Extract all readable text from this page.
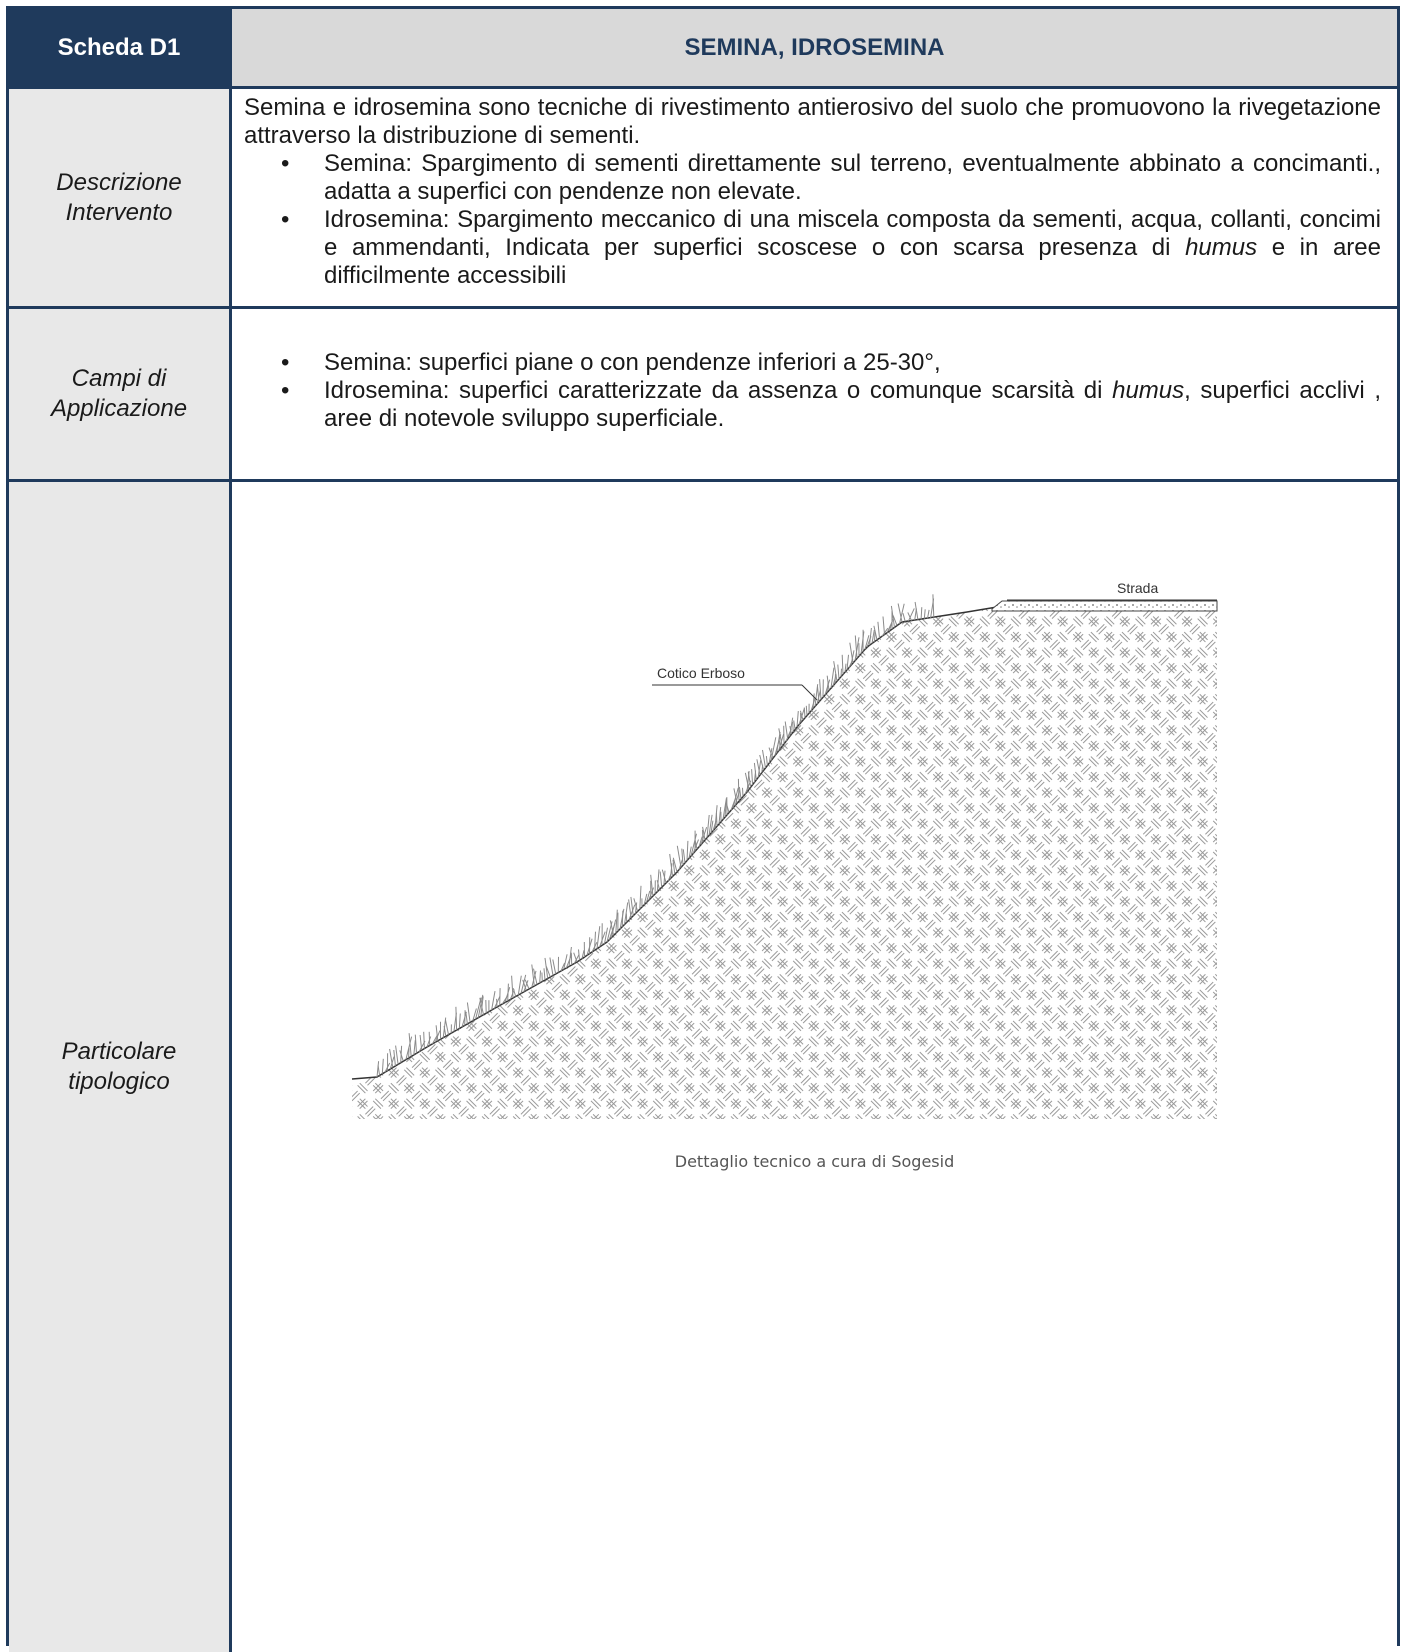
Scheda D1	SEMINA, IDROSEMINA
Descrizione Intervento
Semina e idrosemina sono tecniche di rivestimento antierosivo del suolo che promuovono la rivegetazione attraverso la distribuzione di sementi.
• Semina: Spargimento di sementi direttamente sul terreno, eventualmente abbinato a concimanti., adatta a superfici con pendenze non elevate.
• Idrosemina: Spargimento meccanico di una miscela composta da sementi, acqua, collanti, concimi e ammendanti, Indicata per superfici scoscese o con scarsa presenza di humus e in aree difficilmente accessibili
Campi di Applicazione
• Semina: superfici piane o con pendenze inferiori a 25-30°,
• Idrosemina: superfici caratterizzate da assenza o comunque scarsità di humus, superfici acclivi , aree di notevole sviluppo superficiale.
Particolare tipologico
Strada
Cotico Erboso
Dettaglio tecnico a cura di Sogesid
